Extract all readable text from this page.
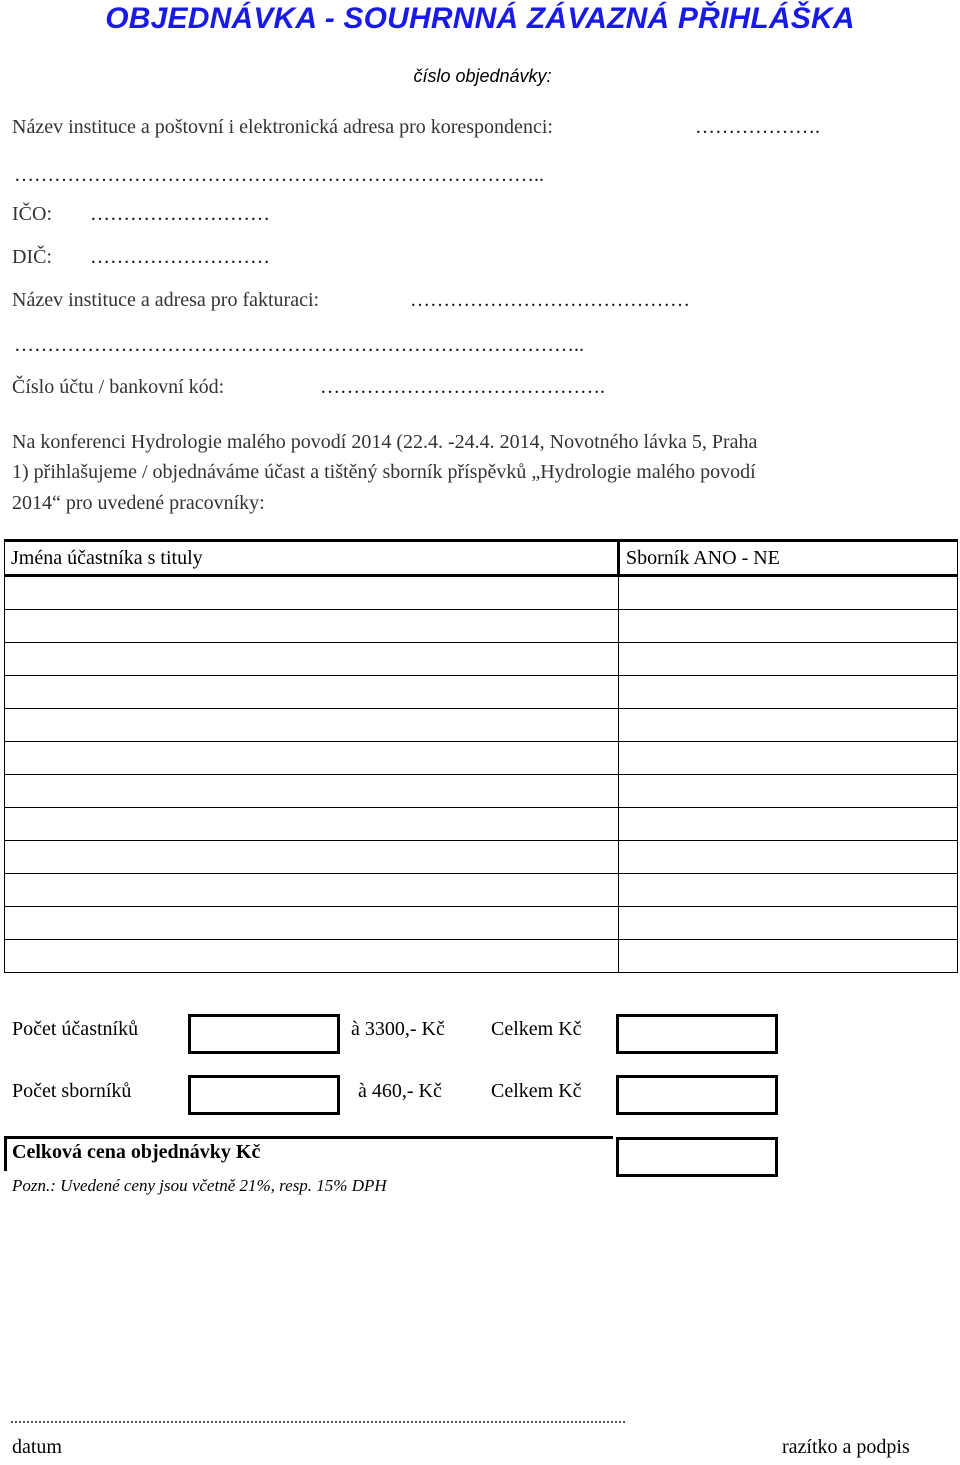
OBJEDNÁVKA - SOUHRNNÁ ZÁVAZNÁ PŘIHLÁŠKA
číslo objednávky:
Název instituce a poštovní i elektronická adresa pro korespondenci:	……………….
……………………………………………………………………..
IČO: ………………………
DIČ: ………………………
Název instituce a adresa pro fakturaci:	……………………………………
…………………………………………………………………………..
Číslo účtu / bankovní kód:	…………………………………….
Na konferenci Hydrologie malého povodí 2014 (22.4. -24.4. 2014, Novotného lávka 5, Praha
1) přihlašujeme / objednáváme účast a tištěný sborník příspěvků „Hydrologie malého povodí
2014“ pro uvedené pracovníky:
Jména účastníka s tituly	Sborník ANO - NE

Počet účastníků	à 3300,- Kč Celkem Kč
Počet sborníků	à 460,- Kč Celkem Kč
Celková cena objednávky Kč
Pozn.: Uvedené ceny jsou včetně 21%, resp. 15% DPH
..........................................................................................................................................................
datum	razítko a podpis
